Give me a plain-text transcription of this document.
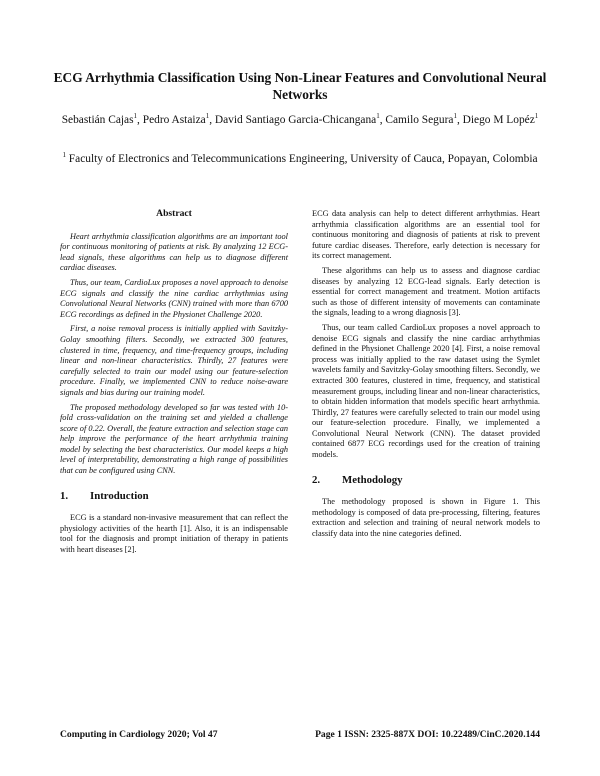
ECG Arrhythmia Classification Using Non-Linear Features and Convolutional Neural Networks
Sebastián Cajas$^1$, Pedro Astaiza$^1$, David Santiago Garcia-Chicangana$^1$, Camilo Segura$^1$, Diego M Lopéz$^1$
$^1$ Faculty of Electronics and Telecommunications Engineering, University of Cauca, Popayan, Colombia
Abstract

Heart arrhythmia classification algorithms are an important tool for continuous monitoring of patients at risk. By analyzing 12 ECG-lead signals, these algorithms can help us to diagnose different cardiac diseases.

Thus, our team, CardioLux proposes a novel approach to denoise ECG signals and classify the nine cardiac arrhythmias using Convolutional Neural Networks (CNN) trained with more than 6700 ECG recordings as defined in the Physionet Challenge 2020.

First, a noise removal process is initially applied with Savitzky-Golay smoothing filters. Secondly, we extracted 300 features, clustered in time, frequency, and time-frequency groups, including linear and non-linear characteristics. Thirdly, 27 features were carefully selected to train our model using our feature-selection procedure. Finally, we implemented CNN to reduce noise-aware signals and bias during our training model.

The proposed methodology developed so far was tested with 10-fold cross-validation on the training set and yielded a challenge score of 0.22. Overall, the feature extraction and selection stage can help improve the performance of the heart arrhythmia training model by selecting the best characteristics. Our model keeps a high level of interpretability, demonstrating a high range of possibilities that can be configured using CNN.

1.	Introduction

ECG is a standard non-invasive measurement that can reflect the physiology activities of the hearth [1]. Also, it is an indispensable tool for the diagnosis and prompt initiation of therapy in patients with heart diseases [2].

ECG data analysis can help to detect different arrhythmias. Heart arrhythmia classification algorithms are an essential tool for continuous monitoring and diagnosis of patients at risk to prevent future cardiac diseases. Therefore, early detection is necessary for its correct management.

These algorithms can help us to assess and diagnose cardiac diseases by analyzing 12 ECG-lead signals. Early detection is essential for correct management and treatment. Motion artifacts such as those of different intensity of movements can contaminate the signals, leading to a wrong diagnosis [3].

Thus, our team called CardioLux proposes a novel approach to denoise ECG signals and classify the nine cardiac arrhythmias defined in the Physionet Challenge 2020 [4]. First, a noise removal process was initially applied to the raw dataset using the Symlet wavelets family and Savitzky-Golay smoothing filters. Secondly, we extracted 300 features, clustered in time, frequency, and statistical measurement groups, including linear and non-linear characteristics, to obtain hidden information that models specific heart arrhythmia. Thirdly, 27 features were carefully selected to train our model using our feature-selection procedure. Finally, we implemented a Convolutional Neural Network (CNN). The dataset provided contained 6877 ECG recordings used for the creation of training models.

2.	Methodology

The methodology proposed is shown in Figure 1. This methodology is composed of data pre-processing, filtering, features extraction and selection and training of neural network models to classify data into the nine categories defined.

Computing in Cardiology 2020; Vol 47	Page 1 ISSN: 2325-887X DOI: 10.22489/CinC.2020.144
